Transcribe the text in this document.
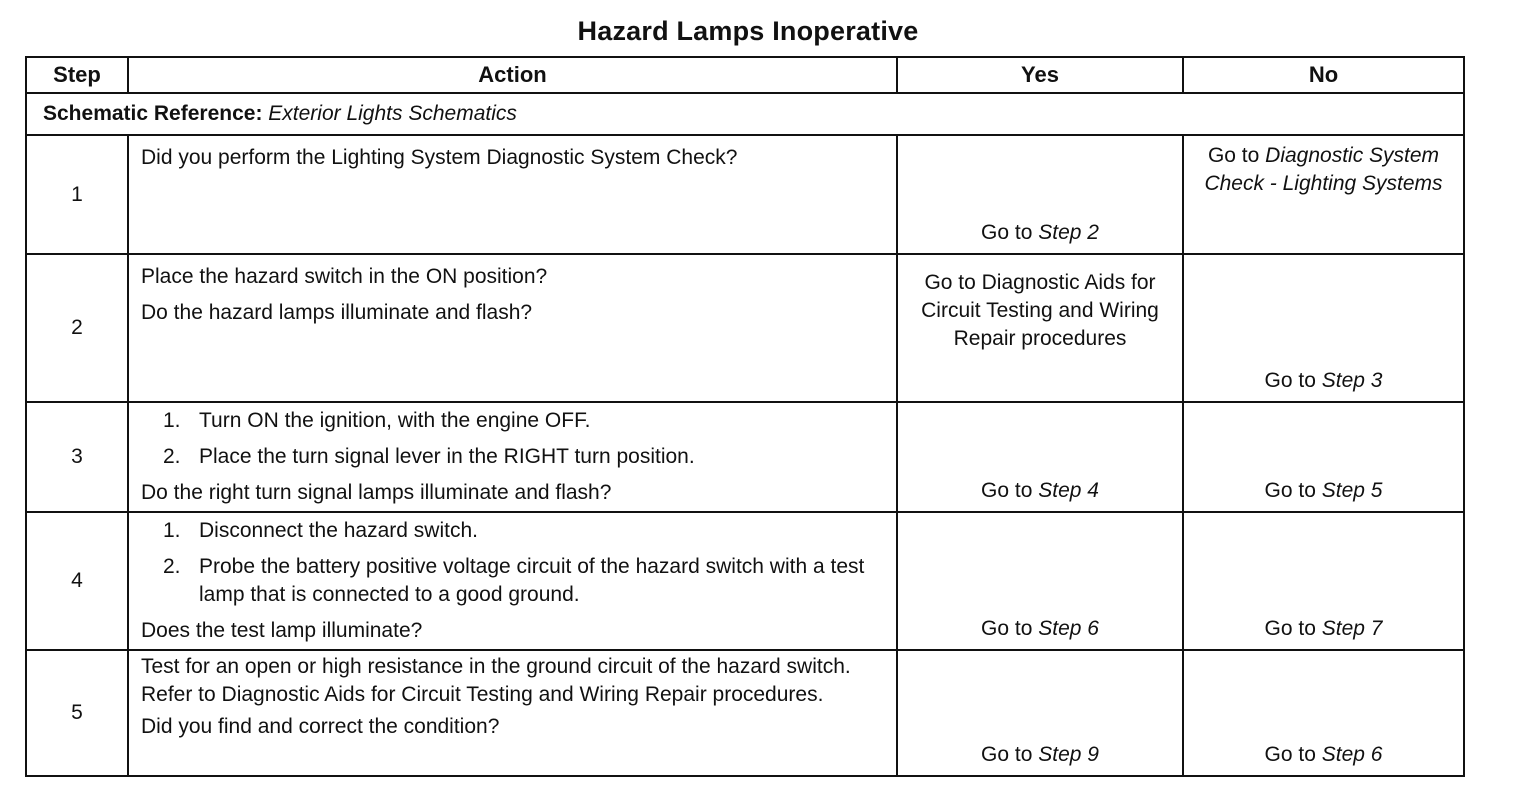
Hazard Lamps Inoperative
Step	Action	Yes	No
Schematic Reference: Exterior Lights Schematics			
1	Did you perform the Lighting System Diagnostic System Check?	Go to Step 2	Go to Diagnostic System Check - Lighting Systems
2	Place the hazard switch in the ON position?
Do the hazard lamps illuminate and flash?	Go to Diagnostic Aids for Circuit Testing and Wiring Repair procedures	Go to Step 3
3	1. Turn ON the ignition, with the engine OFF.
2. Place the turn signal lever in the RIGHT turn position.
Do the right turn signal lamps illuminate and flash?	Go to Step 4	Go to Step 5
4	1. Disconnect the hazard switch.
2. Probe the battery positive voltage circuit of the hazard switch with a test lamp that is connected to a good ground.
Does the test lamp illuminate?	Go to Step 6	Go to Step 7
5	Test for an open or high resistance in the ground circuit of the hazard switch. Refer to Diagnostic Aids for Circuit Testing and Wiring Repair procedures.
Did you find and correct the condition?	Go to Step 9	Go to Step 6
